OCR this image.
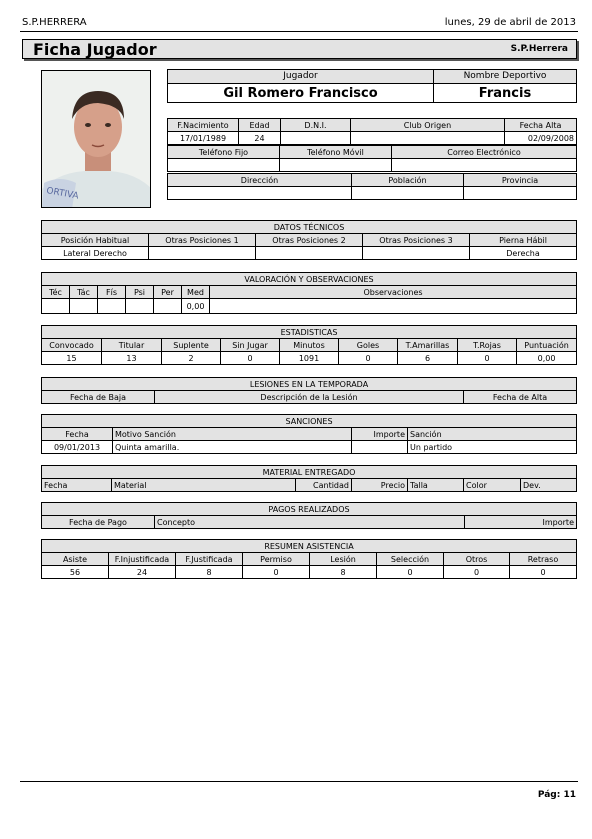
S.P.HERRERA	lunes, 29 de abril de 2013
Ficha Jugador	S.P.Herrera
ORTIVA
Jugador	Nombre Deportivo
Gil Romero Francisco	Francis
F.Nacimiento	Edad	D.N.I.	Club Origen	Fecha Alta
17/01/1989	24			02/09/2008
Teléfono Fijo	Teléfono Móvil	Correo Electrónico

Dirección	Población	Provincia

DATOS TÉCNICOS				
Posición Habitual	Otras Posiciones 1	Otras Posiciones 2	Otras Posiciones 3	Pierna Hábil
Lateral Derecho				Derecha
VALORACIÓN Y OBSERVACIONES						
Téc	Tác	Fís	Psi	Per	Med	Observaciones
					0,00	
ESTADISTICAS								
Convocado	Titular	Suplente	Sin Jugar	Minutos	Goles	T.Amarillas	T.Rojas	Puntuación
15	13	2	0	1091	0	6	0	0,00
LESIONES EN LA TEMPORADA
Fecha de Baja	Descripción de la Lesión	Fecha de Alta
SANCIONES			
Fecha	Motivo Sanción	Importe	Sanción
09/01/2013	Quinta amarilla.		Un partido
MATERIAL ENTREGADO
Fecha	Material	Cantidad	Precio	Talla	Color	Dev.
PAGOS REALIZADOS
Fecha de Pago	Concepto	Importe
RESUMEN ASISTENCIA							
Asiste	F.Injustificada	F.Justificada	Permiso	Lesión	Selección	Otros	Retraso
56	24	8	0	8	0	0	0
Pág: 11
